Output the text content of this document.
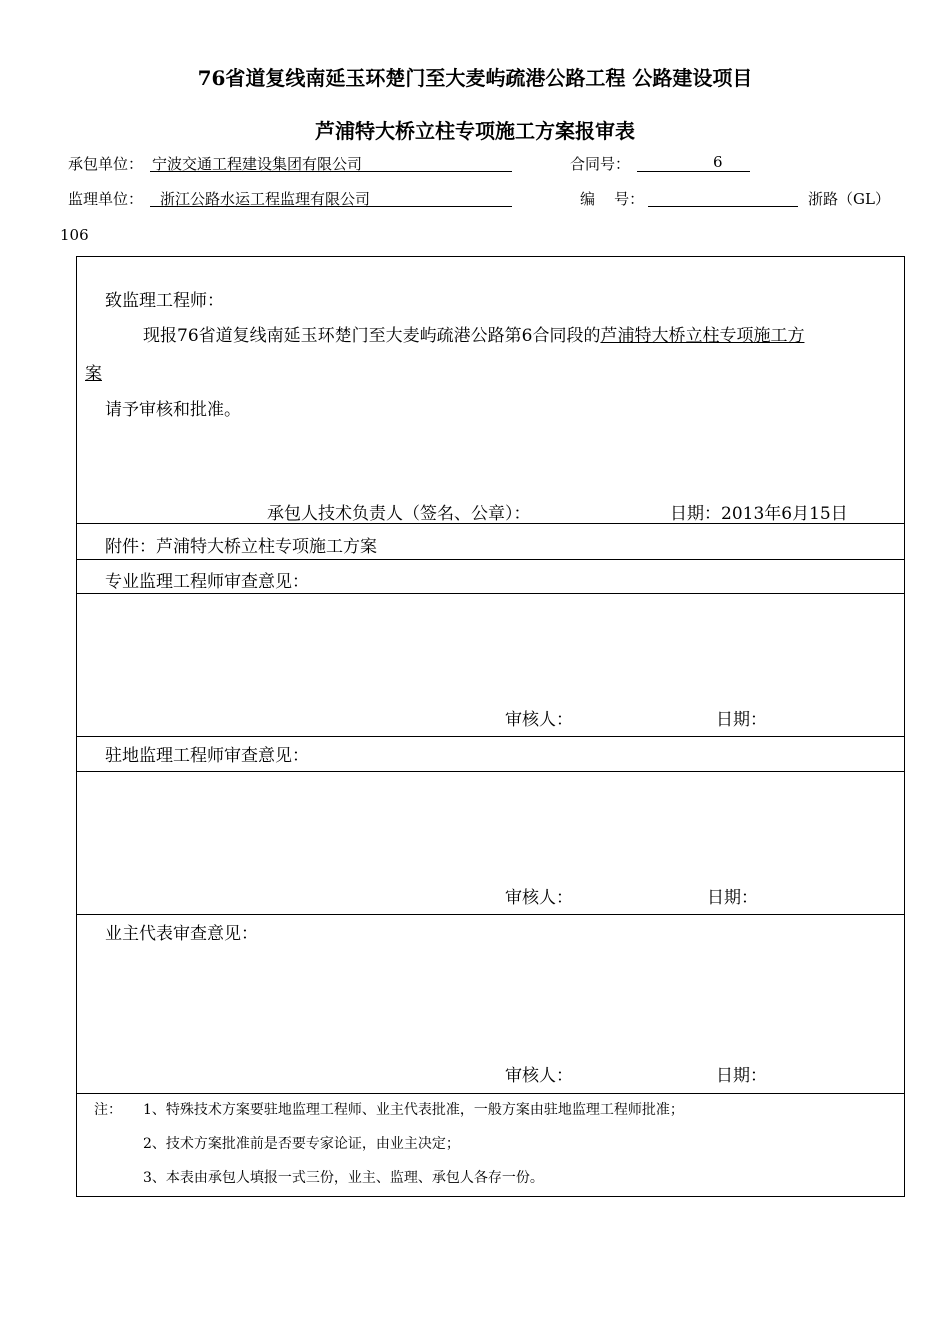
76省道复线南延玉环楚门至大麦屿疏港公路工程 公路建设项目
芦浦特大桥立柱专项施工方案报审表
承包单位： 宁波交通工程建设集团有限公司	合同号：	6
监理单位： 浙江公路水运工程监理有限公司	编    号：	浙路（GL）
106
致监理工程师：
现报76省道复线南延玉环楚门至大麦屿疏港公路第6合同段的芦浦特大桥立柱专项施工方
案
请予审核和批准。
承包人技术负责人（签名、公章）：	日期：2013年6月15日
附件：芦浦特大桥立柱专项施工方案
专业监理工程师审查意见：
审核人：	日期：
驻地监理工程师审查意见：
审核人：	日期：
业主代表审查意见：
审核人：	日期：
注： 1、特殊技术方案要驻地监理工程师、业主代表批准，一般方案由驻地监理工程师批准；
2、技术方案批准前是否要专家论证，由业主决定；
3、本表由承包人填报一式三份，业主、监理、承包人各存一份。
